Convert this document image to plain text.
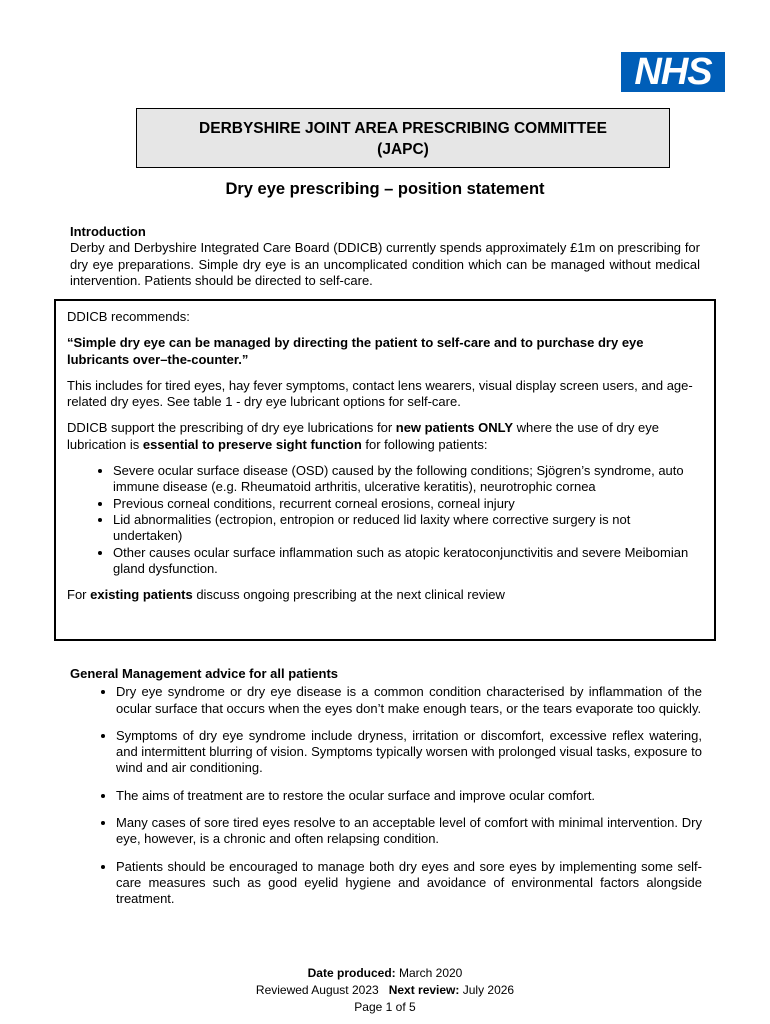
NHS
DERBYSHIRE JOINT AREA PRESCRIBING COMMITTEE
(JAPC)
Dry eye prescribing – position statement
Introduction
Derby and Derbyshire Integrated Care Board (DDICB) currently spends approximately £1m on prescribing for dry eye preparations. Simple dry eye is an uncomplicated condition which can be managed without medical intervention. Patients should be directed to self-care.

DDICB recommends:

“Simple dry eye can be managed by directing the patient to self-care and to purchase dry eye lubricants over–the-counter.”

This includes for tired eyes, hay fever symptoms, contact lens wearers, visual display screen users, and age-related dry eyes. See table 1 - dry eye lubricant options for self-care.

DDICB support the prescribing of dry eye lubrications for new patients ONLY where the use of dry eye lubrication is essential to preserve sight function for following patients:

• Severe ocular surface disease (OSD) caused by the following conditions; Sjögren’s syndrome, auto immune disease (e.g. Rheumatoid arthritis, ulcerative keratitis), neurotrophic cornea
• Previous corneal conditions, recurrent corneal erosions, corneal injury
• Lid abnormalities (ectropion, entropion or reduced lid laxity where corrective surgery is not undertaken)
• Other causes ocular surface inflammation such as atopic keratoconjunctivitis and severe Meibomian gland dysfunction.

For existing patients discuss ongoing prescribing at the next clinical review

General Management advice for all patients
• Dry eye syndrome or dry eye disease is a common condition characterised by inflammation of the ocular surface that occurs when the eyes don’t make enough tears, or the tears evaporate too quickly.
• Symptoms of dry eye syndrome include dryness, irritation or discomfort, excessive reflex watering, and intermittent blurring of vision. Symptoms typically worsen with prolonged visual tasks, exposure to wind and air conditioning.
• The aims of treatment are to restore the ocular surface and improve ocular comfort.
• Many cases of sore tired eyes resolve to an acceptable level of comfort with minimal intervention. Dry eye, however, is a chronic and often relapsing condition.
• Patients should be encouraged to manage both dry eyes and sore eyes by implementing some self-care measures such as good eyelid hygiene and avoidance of environmental factors alongside treatment.
Date produced: March 2020
Reviewed August 2023 Next review: July 2026
Page 1 of 5
